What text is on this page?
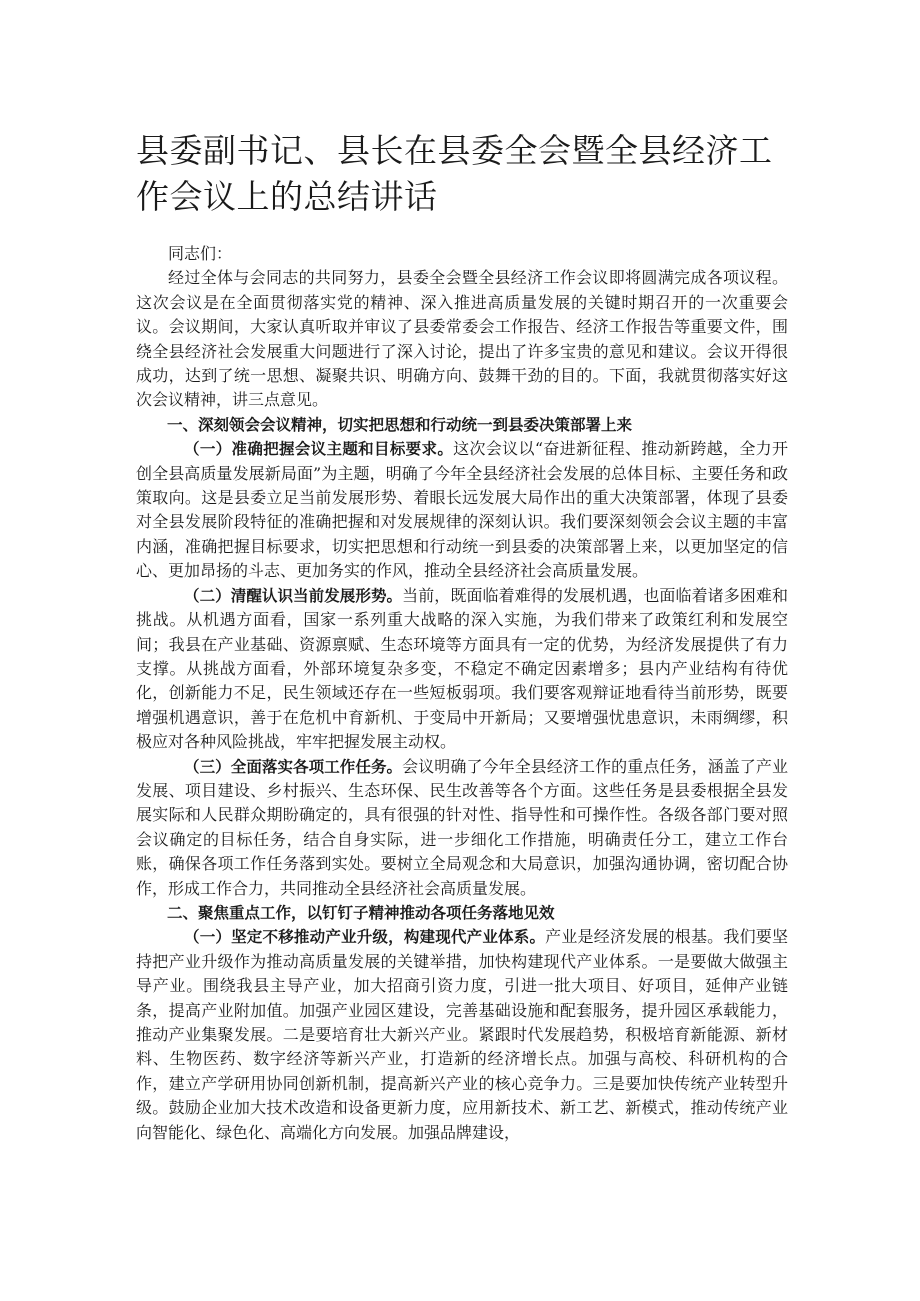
县委副书记、县长在县委全会暨全县经济工作会议上的总结讲话

同志们：

经过全体与会同志的共同努力，县委全会暨全县经济工作会议即将圆满完成各项议程。这次会议是在全面贯彻落实党的精神、深入推进高质量发展的关键时期召开的一次重要会议。会议期间，大家认真听取并审议了县委常委会工作报告、经济工作报告等重要文件，围绕全县经济社会发展重大问题进行了深入讨论，提出了许多宝贵的意见和建议。会议开得很成功，达到了统一思想、凝聚共识、明确方向、鼓舞干劲的目的。下面，我就贯彻落实好这次会议精神，讲三点意见。

一、深刻领会会议精神，切实把思想和行动统一到县委决策部署上来

（一）准确把握会议主题和目标要求。这次会议以“奋进新征程、推动新跨越，全力开创全县高质量发展新局面”为主题，明确了今年全县经济社会发展的总体目标、主要任务和政策取向。这是县委立足当前发展形势、着眼长远发展大局作出的重大决策部署，体现了县委对全县发展阶段特征的准确把握和对发展规律的深刻认识。我们要深刻领会会议主题的丰富内涵，准确把握目标要求，切实把思想和行动统一到县委的决策部署上来，以更加坚定的信心、更加昂扬的斗志、更加务实的作风，推动全县经济社会高质量发展。

（二）清醒认识当前发展形势。当前，既面临着难得的发展机遇，也面临着诸多困难和挑战。从机遇方面看，国家一系列重大战略的深入实施，为我们带来了政策红利和发展空间；我县在产业基础、资源禀赋、生态环境等方面具有一定的优势，为经济发展提供了有力支撑。从挑战方面看，外部环境复杂多变，不稳定不确定因素增多；县内产业结构有待优化，创新能力不足，民生领域还存在一些短板弱项。我们要客观辩证地看待当前形势，既要增强机遇意识，善于在危机中育新机、于变局中开新局；又要增强忧患意识，未雨绸缪，积极应对各种风险挑战，牢牢把握发展主动权。

（三）全面落实各项工作任务。会议明确了今年全县经济工作的重点任务，涵盖了产业发展、项目建设、乡村振兴、生态环保、民生改善等各个方面。这些任务是县委根据全县发展实际和人民群众期盼确定的，具有很强的针对性、指导性和可操作性。各级各部门要对照会议确定的目标任务，结合自身实际，进一步细化工作措施，明确责任分工，建立工作台账，确保各项工作任务落到实处。要树立全局观念和大局意识，加强沟通协调，密切配合协作，形成工作合力，共同推动全县经济社会高质量发展。

二、聚焦重点工作，以钉钉子精神推动各项任务落地见效

（一）坚定不移推动产业升级，构建现代产业体系。产业是经济发展的根基。我们要坚持把产业升级作为推动高质量发展的关键举措，加快构建现代产业体系。一是要做大做强主导产业。围绕我县主导产业，加大招商引资力度，引进一批大项目、好项目，延伸产业链条，提高产业附加值。加强产业园区建设，完善基础设施和配套服务，提升园区承载能力，推动产业集聚发展。二是要培育壮大新兴产业。紧跟时代发展趋势，积极培育新能源、新材料、生物医药、数字经济等新兴产业，打造新的经济增长点。加强与高校、科研机构的合作，建立产学研用协同创新机制，提高新兴产业的核心竞争力。三是要加快传统产业转型升级。鼓励企业加大技术改造和设备更新力度，应用新技术、新工艺、新模式，推动传统产业向智能化、绿色化、高端化方向发展。加强品牌建设，
